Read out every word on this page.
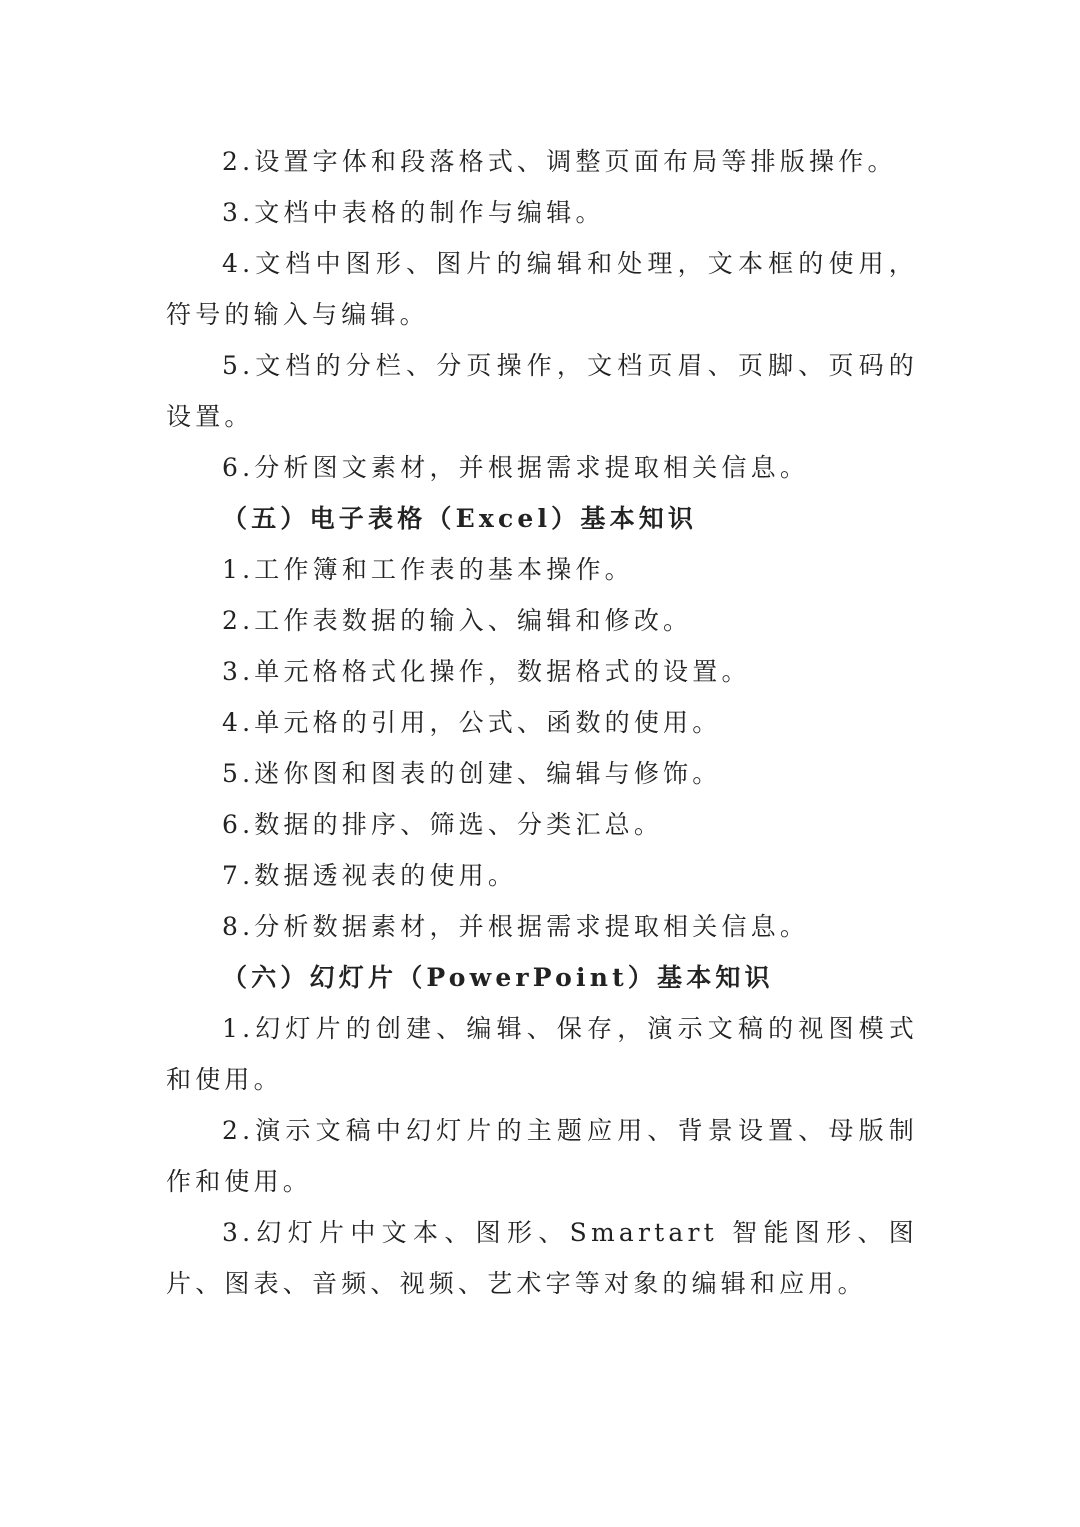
2.设置字体和段落格式、调整页面布局等排版操作。

3.文档中表格的制作与编辑。

4.文档中图形、图片的编辑和处理，文本框的使用，符号的输入与编辑。

5.文档的分栏、分页操作，文档页眉、页脚、页码的设置。

6.分析图文素材，并根据需求提取相关信息。

（五）电子表格（Excel）基本知识

1.工作簿和工作表的基本操作。

2.工作表数据的输入、编辑和修改。

3.单元格格式化操作，数据格式的设置。

4.单元格的引用，公式、函数的使用。

5.迷你图和图表的创建、编辑与修饰。

6.数据的排序、筛选、分类汇总。

7.数据透视表的使用。

8.分析数据素材，并根据需求提取相关信息。

（六）幻灯片（PowerPoint）基本知识

1.幻灯片的创建、编辑、保存，演示文稿的视图模式和使用。

2.演示文稿中幻灯片的主题应用、背景设置、母版制作和使用。

3.幻灯片中文本、图形、Smartart 智能图形、图片、图表、音频、视频、艺术字等对象的编辑和应用。
